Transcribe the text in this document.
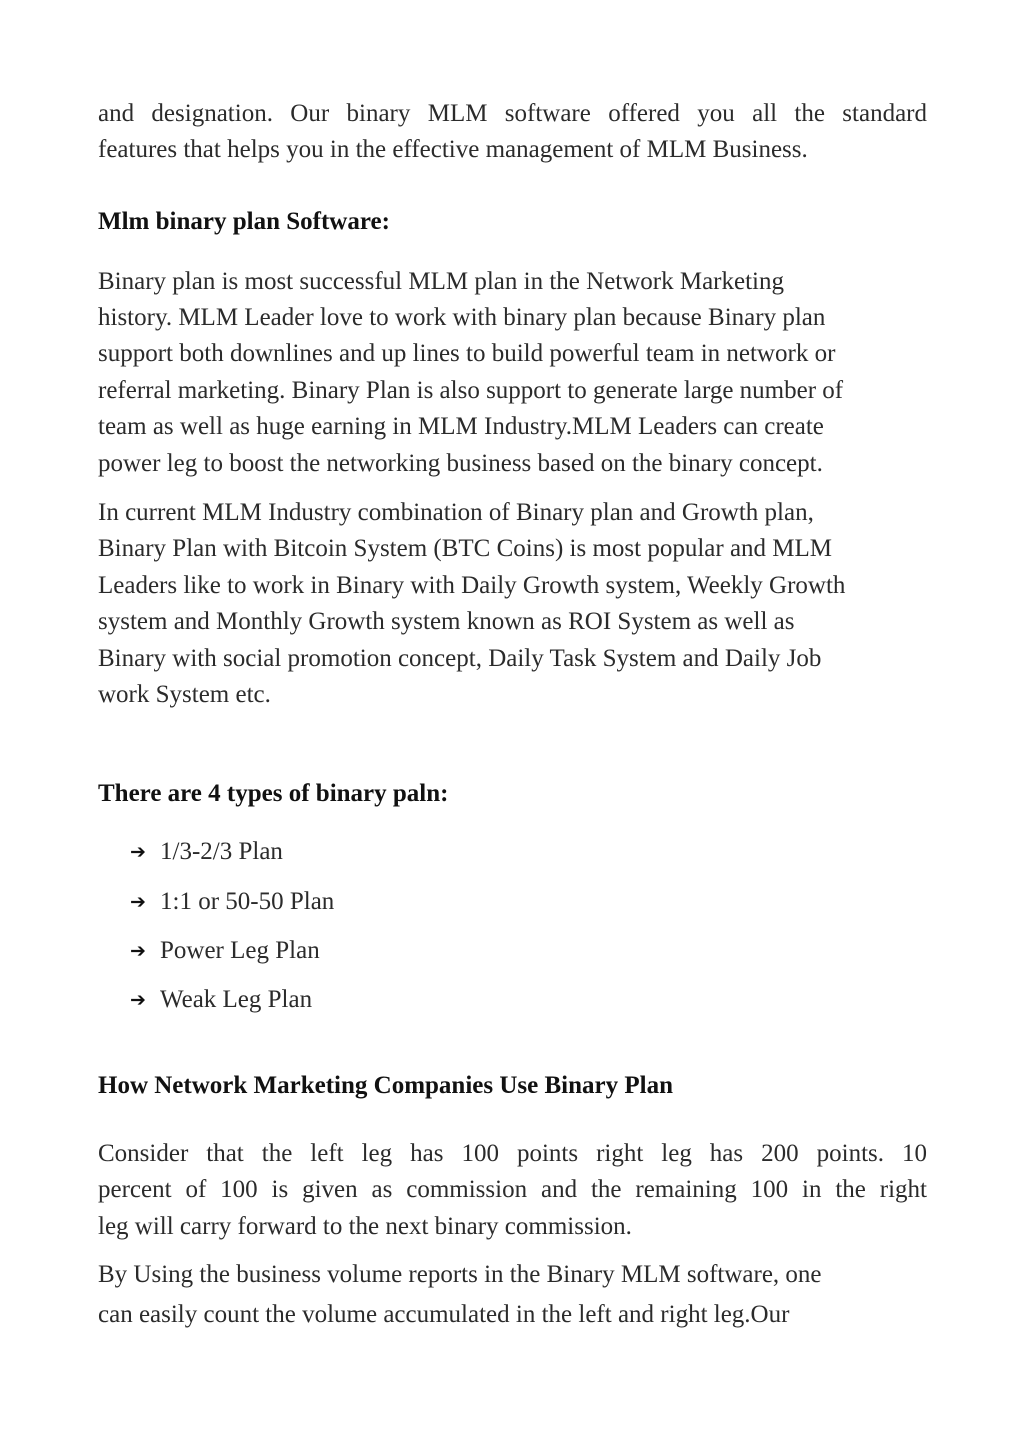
and designation. Our binary MLM software offered you all the standard
features that helps you in the effective management of MLM Business.
Mlm binary plan Software:
Binary plan is most successful MLM plan in the Network Marketing
history. MLM Leader love to work with binary plan because Binary plan
support both downlines and up lines to build powerful team in network or
referral marketing. Binary Plan is also support to generate large number of
team as well as huge earning in MLM Industry.MLM Leaders can create
power leg to boost the networking business based on the binary concept.
In current MLM Industry combination of Binary plan and Growth plan,
Binary Plan with Bitcoin System (BTC Coins) is most popular and MLM
Leaders like to work in Binary with Daily Growth system, Weekly Growth
system and Monthly Growth system known as ROI System as well as
Binary with social promotion concept, Daily Task System and Daily Job
work System etc.
There are 4 types of binary paln:
➔ 1/3-2/3 Plan
➔ 1:1 or 50-50 Plan
➔ Power Leg Plan
➔ Weak Leg Plan
How Network Marketing Companies Use Binary Plan
Consider that the left leg has 100 points right leg has 200 points. 10
percent of 100 is given as commission and the remaining 100 in the right
leg will carry forward to the next binary commission.
By Using the business volume reports in the Binary MLM software, one
can easily count the volume accumulated in the left and right leg.Our
